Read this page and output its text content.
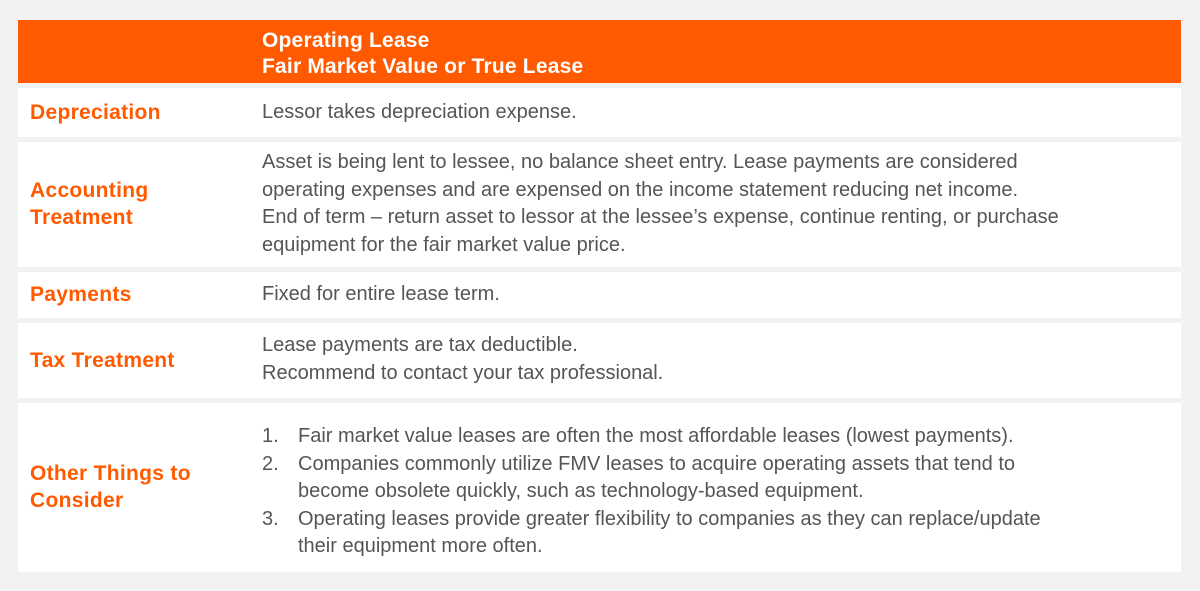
Operating Lease
Fair Market Value or True Lease
Depreciation	Lessor takes depreciation expense.
Accounting
Treatment
Asset is being lent to lessee, no balance sheet entry. Lease payments are considered
operating expenses and are expensed on the income statement reducing net income.
End of term – return asset to lessor at the lessee’s expense, continue renting, or purchase
equipment for the fair market value price.
Payments	Fixed for entire lease term.
Tax Treatment
Lease payments are tax deductible.
Recommend to contact your tax professional.
Other Things to
Consider
1. Fair market value leases are often the most affordable leases (lowest payments).
2. Companies commonly utilize FMV leases to acquire operating assets that tend to
become obsolete quickly, such as technology-based equipment.
3. Operating leases provide greater flexibility to companies as they can replace/update
their equipment more often.
